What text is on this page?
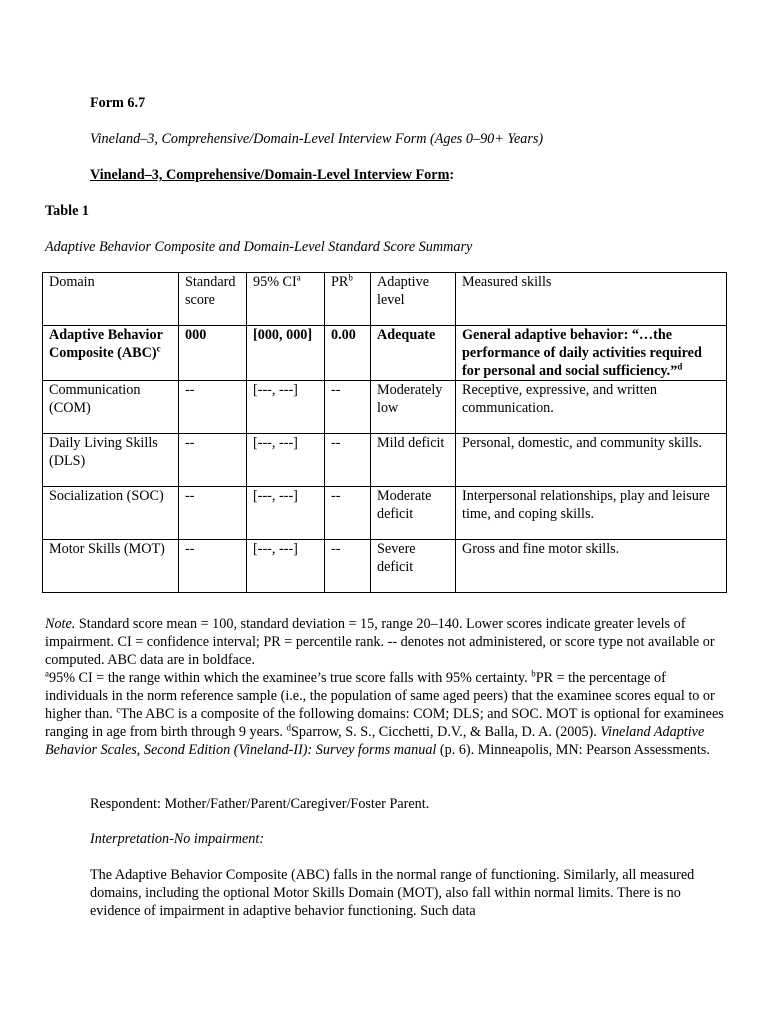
Form 6.7

Vineland–3, Comprehensive/Domain-Level Interview Form (Ages 0–90+ Years)

Vineland–3, Comprehensive/Domain-Level Interview Form:

Table 1

Adaptive Behavior Composite and Domain-Level Standard Score Summary

Domain	Standard score	95% $CI^a$	$PR^b$	Adaptive level	Measured skills
Adaptive Behavior Composite (ABC)$^c$	000	[000, 000]	0.00	Adequate	General adaptive behavior: “…the performance of daily activities required for personal and social sufficiency.”$^d$
Communication (COM)	--	[---, ---]	--	Moderately low	Receptive, expressive, and written communication.
Daily Living Skills (DLS)	--	[---, ---]	--	Mild deficit	Personal, domestic, and community skills.
Socialization (SOC)	--	[---, ---]	--	Moderate deficit	Interpersonal relationships, play and leisure time, and coping skills.
Motor Skills (MOT)	--	[---, ---]	--	Severe deficit	Gross and fine motor skills.

Note. Standard score mean = 100, standard deviation = 15, range 20–140. Lower scores indicate greater levels of impairment. CI = confidence interval; PR = percentile rank. -- denotes not administered, or score type not available or computed. ABC data are in boldface.

$^a$95% CI = the range within which the examinee’s true score falls with 95% certainty. $^b$PR = the percentage of individuals in the norm reference sample (i.e., the population of same aged peers) that the examinee scores equal to or higher than. $^c$The ABC is a composite of the following domains: COM; DLS; and SOC. MOT is optional for examinees ranging in age from birth through 9 years. $^d$Sparrow, S. S., Cicchetti, D.V., & Balla, D. A. (2005). Vineland Adaptive Behavior Scales, Second Edition (Vineland-II): Survey forms manual (p. 6). Minneapolis, MN: Pearson Assessments.

Respondent: Mother/Father/Parent/Caregiver/Foster Parent.

Interpretation-No impairment:

The Adaptive Behavior Composite (ABC) falls in the normal range of functioning. Similarly, all measured domains, including the optional Motor Skills Domain (MOT), also fall within normal limits. There is no evidence of impairment in adaptive behavior functioning. Such data
